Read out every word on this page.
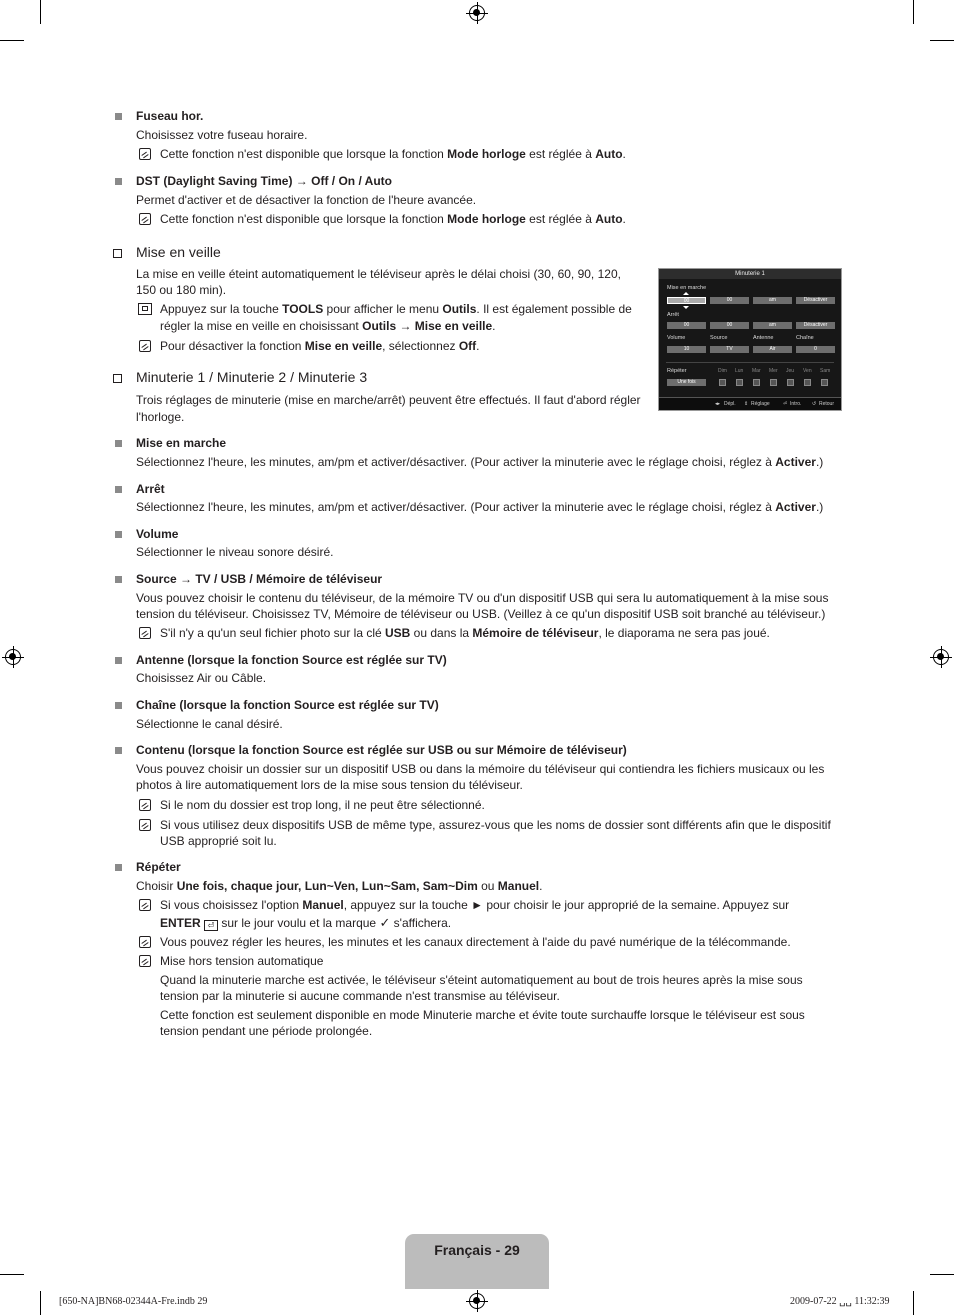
Fuseau hor.
Choisissez votre fuseau horaire.
Cette fonction n'est disponible que lorsque la fonction Mode horloge est réglée à Auto.
DST (Daylight Saving Time) → Off / On / Auto
Permet d'activer et de désactiver la fonction de l'heure avancée.
Cette fonction n'est disponible que lorsque la fonction Mode horloge est réglée à Auto.
Mise en veille
La mise en veille éteint automatiquement le téléviseur après le délai choisi (30, 60, 90, 120,
150 ou 180 min).
Appuyez sur la touche TOOLS pour afficher le menu Outils. Il est également possible de
régler la mise en veille en choisissant Outils → Mise en veille.
Pour désactiver la fonction Mise en veille, sélectionnez Off.
Minuterie 1 / Minuterie 2 / Minuterie 3
Trois réglages de minuterie (mise en marche/arrêt) peuvent être effectués. Il faut d'abord régler
l'horloge.
Minuterie 1
Mise en marche
00	00	am	Désactiver
Arrêt
00	00	am	Désactiver
Volume	Source	Antenne	Chaîne
10	TV	Air	0
Répéter
Une fois
Dim Lun Mar Mer Jeu Ven Sam
◂▸ Dépl. ⇕ Réglage	⏎ Intro. ↺ Retour
Mise en marche
Sélectionnez l'heure, les minutes, am/pm et activer/désactiver. (Pour activer la minuterie avec le réglage choisi, réglez à Activer.)
Arrêt
Sélectionnez l'heure, les minutes, am/pm et activer/désactiver. (Pour activer la minuterie avec le réglage choisi, réglez à Activer.)
Volume
Sélectionner le niveau sonore désiré.
Source → TV / USB / Mémoire de téléviseur
Vous pouvez choisir le contenu du téléviseur, de la mémoire TV ou d'un dispositif USB qui sera lu automatiquement à la mise sous
tension du téléviseur. Choisissez TV, Mémoire de téléviseur ou USB. (Veillez à ce qu'un dispositif USB soit branché au téléviseur.)
S'il n'y a qu'un seul fichier photo sur la clé USB ou dans la Mémoire de téléviseur, le diaporama ne sera pas joué.
Antenne (lorsque la fonction Source est réglée sur TV)
Choisissez Air ou Câble.
Chaîne (lorsque la fonction Source est réglée sur TV)
Sélectionne le canal désiré.
Contenu (lorsque la fonction Source est réglée sur USB ou sur Mémoire de téléviseur)
Vous pouvez choisir un dossier sur un dispositif USB ou dans la mémoire du téléviseur qui contiendra les fichiers musicaux ou les
photos à lire automatiquement lors de la mise sous tension du téléviseur.
Si le nom du dossier est trop long, il ne peut être sélectionné.
Si vous utilisez deux dispositifs USB de même type, assurez-vous que les noms de dossier sont différents afin que le dispositif
USB approprié soit lu.
Répéter
Choisir Une fois, chaque jour, Lun~Ven, Lun~Sam, Sam~Dim ou Manuel.
Si vous choisissez l'option Manuel, appuyez sur la touche ► pour choisir le jour approprié de la semaine. Appuyez sur
ENTER ⏎ sur le jour voulu et la marque ✓ s'affichera.
Vous pouvez régler les heures, les minutes et les canaux directement à l'aide du pavé numérique de la télécommande.
Mise hors tension automatique
Quand la minuterie marche est activée, le téléviseur s'éteint automatiquement au bout de trois heures après la mise sous
tension par la minuterie si aucune commande n'est transmise au téléviseur.
Cette fonction est seulement disponible en mode Minuterie marche et évite toute surchauffe lorsque le téléviseur est sous
tension pendant une période prolongée.
Français - 29
[650-NA]BN68-02344A-Fre.indb 29	2009-07-22 ␣␣ 11:32:39
